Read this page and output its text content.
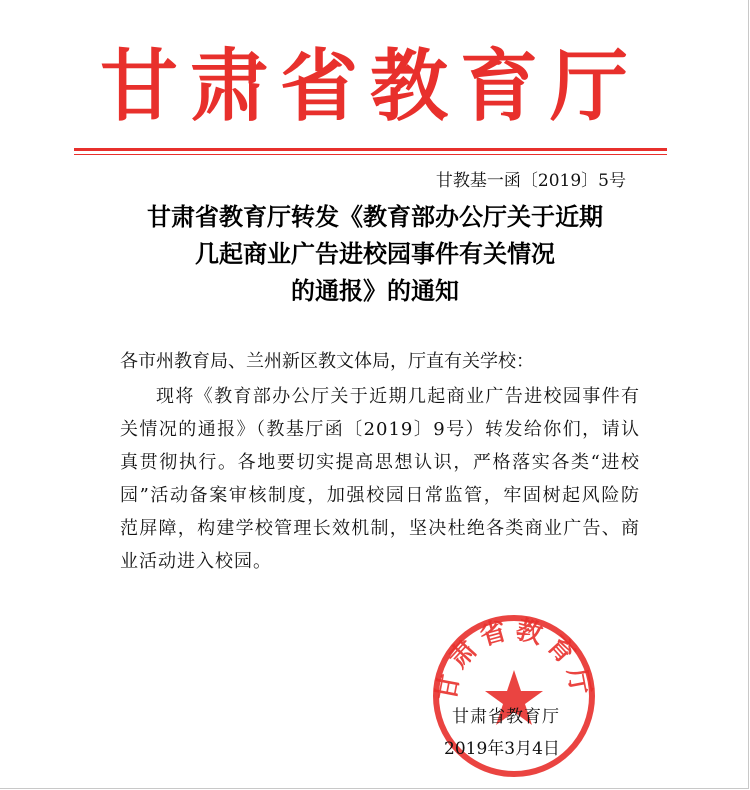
甘肃省教育厅
甘教基一函〔2019〕5号
甘肃省教育厅转发《教育部办公厅关于近期
几起商业广告进校园事件有关情况
的通报》的通知
各市州教育局、兰州新区教文体局，厅直有关学校：
现将《教育部办公厅关于近期几起商业广告进校园事件有关情况的通报》（教基厅函〔2019〕9号）转发给你们，请认真贯彻执行。各地要切实提高思想认识，严格落实各类“进校园”活动备案审核制度，加强校园日常监管，牢固树起风险防范屏障，构建学校管理长效机制，坚决杜绝各类商业广告、商业活动进入校园。
甘肃省教育厅
甘肃省教育厅
2019年3月4日
